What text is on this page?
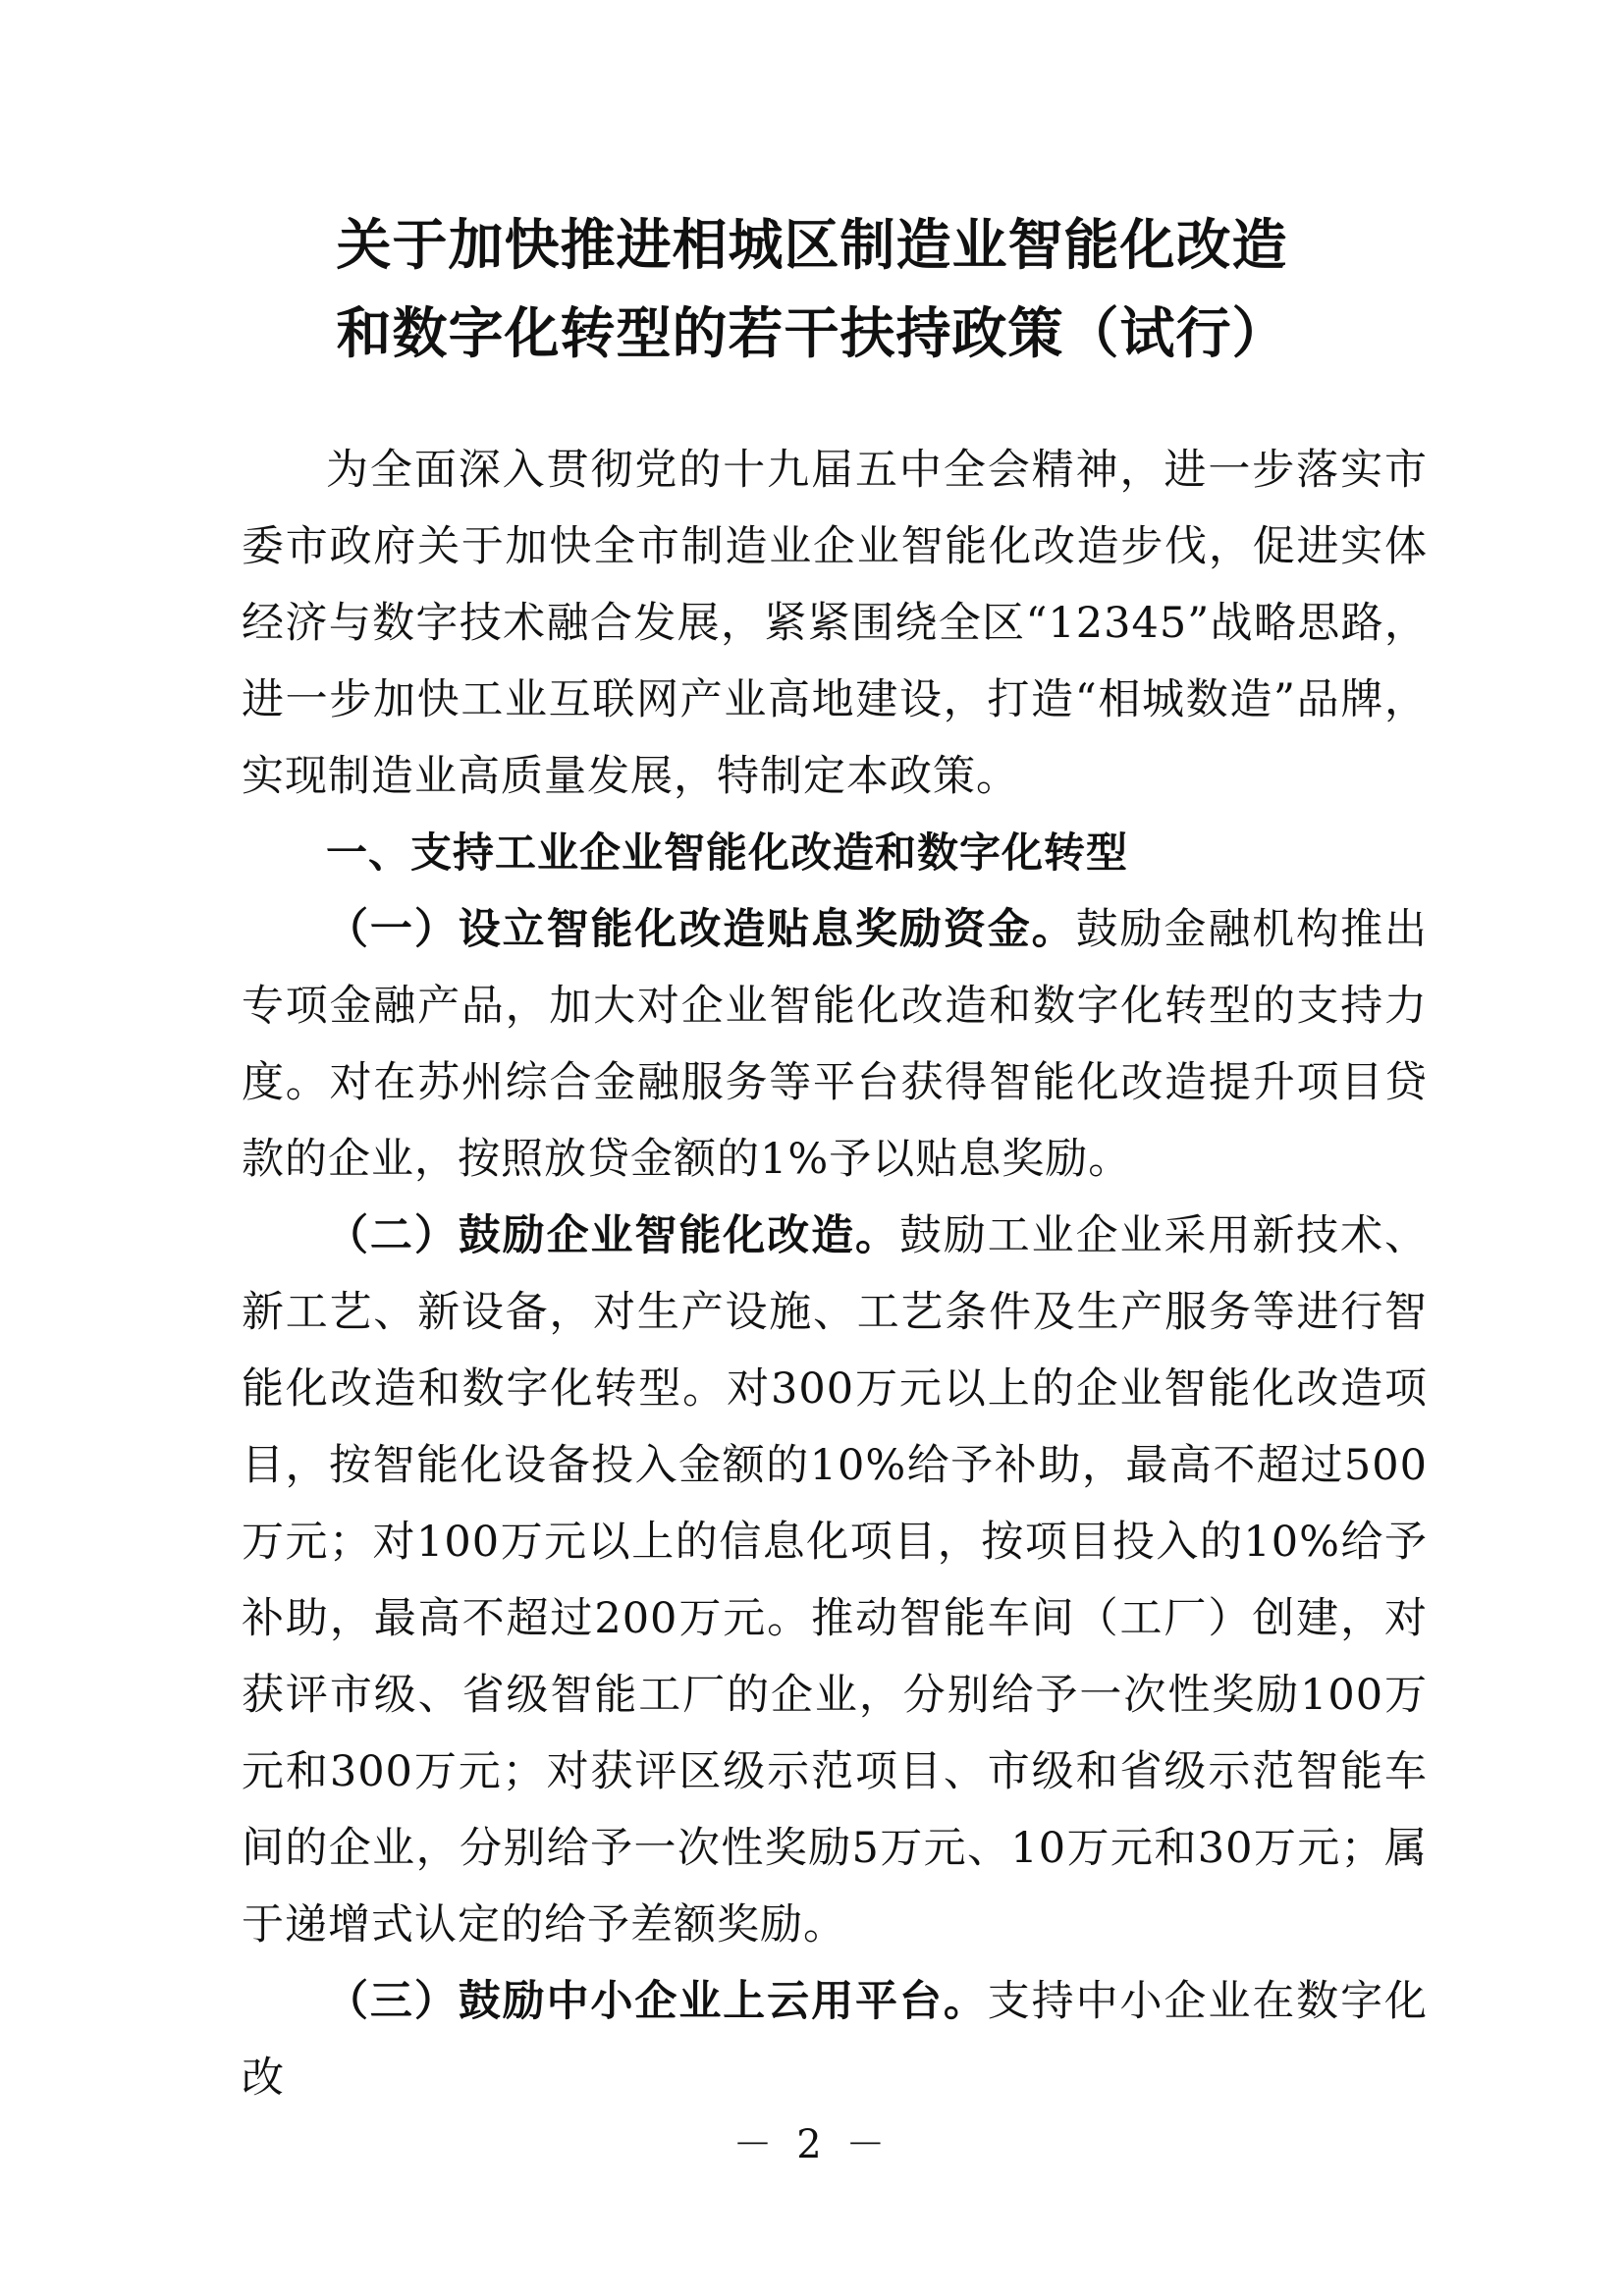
关于加快推进相城区制造业智能化改造
和数字化转型的若干扶持政策（试行）

为全面深入贯彻党的十九届五中全会精神，进一步落实市委市政府关于加快全市制造业企业智能化改造步伐，促进实体经济与数字技术融合发展，紧紧围绕全区“12345”战略思路，进一步加快工业互联网产业高地建设，打造“相城数造”品牌，实现制造业高质量发展，特制定本政策。

一、支持工业企业智能化改造和数字化转型

（一）设立智能化改造贴息奖励资金。鼓励金融机构推出专项金融产品，加大对企业智能化改造和数字化转型的支持力度。对在苏州综合金融服务等平台获得智能化改造提升项目贷款的企业，按照放贷金额的1%予以贴息奖励。

（二）鼓励企业智能化改造。鼓励工业企业采用新技术、新工艺、新设备，对生产设施、工艺条件及生产服务等进行智能化改造和数字化转型。对300万元以上的企业智能化改造项目，按智能化设备投入金额的10%给予补助，最高不超过500万元；对100万元以上的信息化项目，按项目投入的10%给予补助，最高不超过200万元。推动智能车间（工厂）创建，对获评市级、省级智能工厂的企业，分别给予一次性奖励100万元和300万元；对获评区级示范项目、市级和省级示范智能车间的企业，分别给予一次性奖励5万元、10万元和30万元；属于递增式认定的给予差额奖励。

（三）鼓励中小企业上云用平台。支持中小企业在数字化改

－ 2 －
